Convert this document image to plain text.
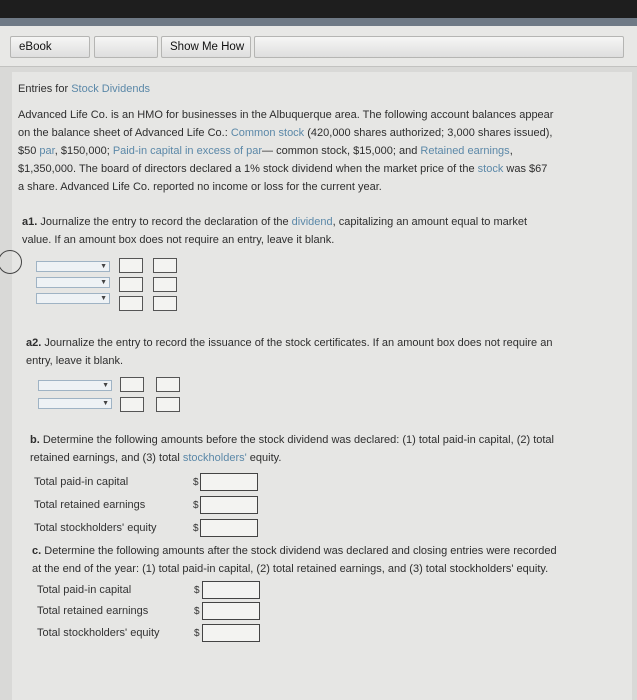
eBook	Show Me How
Entries for Stock Dividends
Advanced Life Co. is an HMO for businesses in the Albuquerque area. The following account balances appear
on the balance sheet of Advanced Life Co.: Common stock (420,000 shares authorized; 3,000 shares issued),
$50 par, $150,000; Paid-in capital in excess of par— common stock, $15,000; and Retained earnings,
$1,350,000. The board of directors declared a 1% stock dividend when the market price of the stock was $67
a share. Advanced Life Co. reported no income or loss for the current year.
a1. Journalize the entry to record the declaration of the dividend, capitalizing an amount equal to market
value. If an amount box does not require an entry, leave it blank.
▼
▼
▼
a2. Journalize the entry to record the issuance of the stock certificates. If an amount box does not require an
entry, leave it blank.
▼
▼
b. Determine the following amounts before the stock dividend was declared: (1) total paid-in capital, (2) total
retained earnings, and (3) total stockholders' equity.
Total paid-in capital	$
Total retained earnings	$
Total stockholders' equity	$
c. Determine the following amounts after the stock dividend was declared and closing entries were recorded
at the end of the year: (1) total paid-in capital, (2) total retained earnings, and (3) total stockholders' equity.
Total paid-in capital	$
Total retained earnings	$
Total stockholders' equity	$
